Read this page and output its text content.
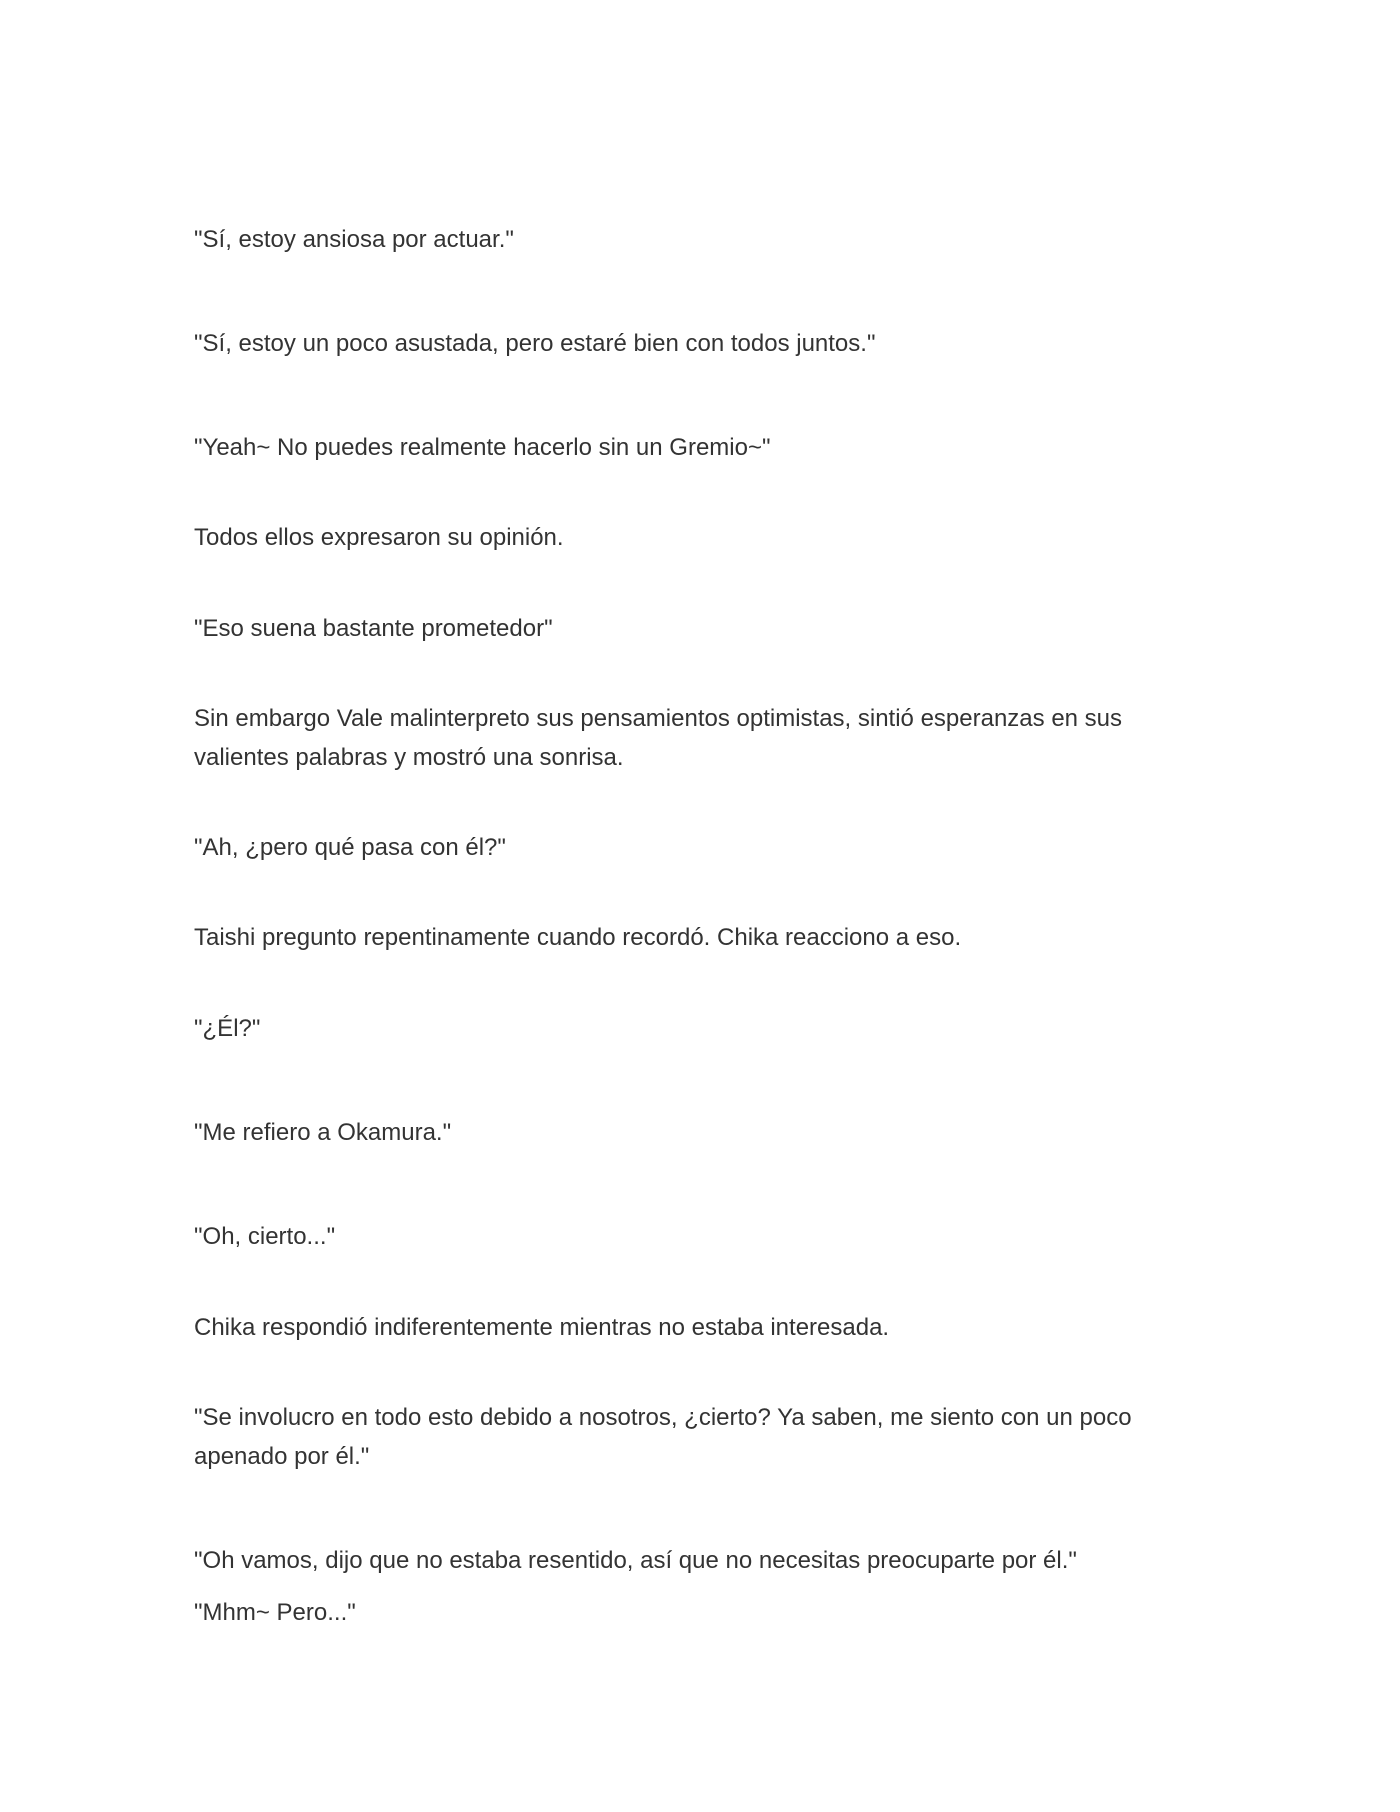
"Sí, estoy ansiosa por actuar."

"Sí, estoy un poco asustada, pero estaré bien con todos juntos."

"Yeah~ No puedes realmente hacerlo sin un Gremio~"

Todos ellos expresaron su opinión.

"Eso suena bastante prometedor"

Sin embargo Vale malinterpreto sus pensamientos optimistas, sintió esperanzas en sus valientes palabras y mostró una sonrisa.

"Ah, ¿pero qué pasa con él?"

Taishi pregunto repentinamente cuando recordó. Chika reacciono a eso.

"¿Él?"

"Me refiero a Okamura."

"Oh, cierto..."

Chika respondió indiferentemente mientras no estaba interesada.

"Se involucro en todo esto debido a nosotros, ¿cierto? Ya saben, me siento con un poco apenado por él."

"Oh vamos, dijo que no estaba resentido, así que no necesitas preocuparte por él."

"Mhm~ Pero..."
